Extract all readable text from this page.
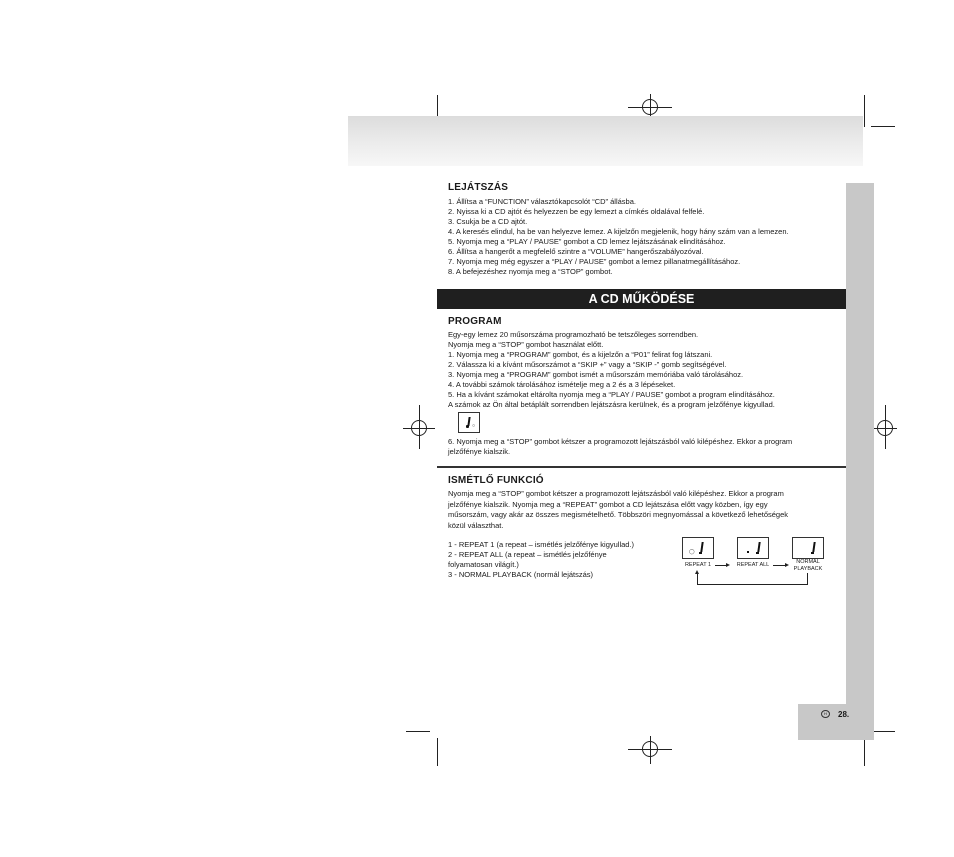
H	28.
LEJÁTSZÁS
1. Állítsa a “FUNCTION” választókapcsolót “CD” állásba.
2. Nyissa ki a CD ajtót és helyezzen be egy lemezt a címkés oldalával felfelé.
3. Csukja be a CD ajtót.
4. A keresés elindul, ha be van helyezve lemez. A kijelzőn megjelenik, hogy hány szám van a lemezen.
5. Nyomja meg a “PLAY / PAUSE” gombot a CD lemez lejátszásának elindításához.
6. Állítsa a hangerőt a megfelelő szintre a “VOLUME” hangerőszabályozóval.
7. Nyomja meg még egyszer a “PLAY / PAUSE” gombot a lemez pillanatmegállításához.
8. A befejezéshez nyomja meg a “STOP” gombot.
A CD MŰKÖDÉSE
PROGRAM
Egy-egy lemez 20 műsorszáma programozható be tetszőleges sorrendben.
Nyomja meg a “STOP” gombot használat előtt.
1. Nyomja meg a “PROGRAM” gombot, és a kijelzőn a “P01” felirat fog látszani.
2. Válassza ki a kívánt műsorszámot a “SKIP +” vagy a “SKIP -” gomb segítségével.
3. Nyomja meg a “PROGRAM” gombot ismét a műsorszám memóriába való tárolásához.
4. A további számok tárolásához ismételje meg a 2 és a 3 lépéseket.
5. Ha a kívánt számokat eltárolta nyomja meg a “PLAY / PAUSE” gombot a program elindításához.
A számok az Ön által betáplált sorrendben lejátszásra kerülnek, és a program jelzőfénye kigyullad.
○
6. Nyomja meg a “STOP” gombot kétszer a programozott lejátszásból való kilépéshez. Ekkor a program
jelzőfénye kialszik.
ISMÉTLŐ FUNKCIÓ
Nyomja meg a “STOP” gombot kétszer a programozott lejátszásból való kilépéshez. Ekkor a program
jelzőfénye kialszik. Nyomja meg a “REPEAT” gombot a CD lejátszása előtt vagy közben, így egy
műsorszám, vagy akár az összes megismételhető. Többszöri megnyomással a következő lehetőségek
közül választhat.
1 - REPEAT 1 (a repeat – ismétlés jelzőfénye kigyullad.)
2 - REPEAT ALL (a repeat – ismétlés jelzőfénye
folyamatosan világít.)
3 - NORMAL PLAYBACK (normál lejátszás)
◯
REPEAT 1	REPEAT ALL	NORMAL
PLAYBACK
